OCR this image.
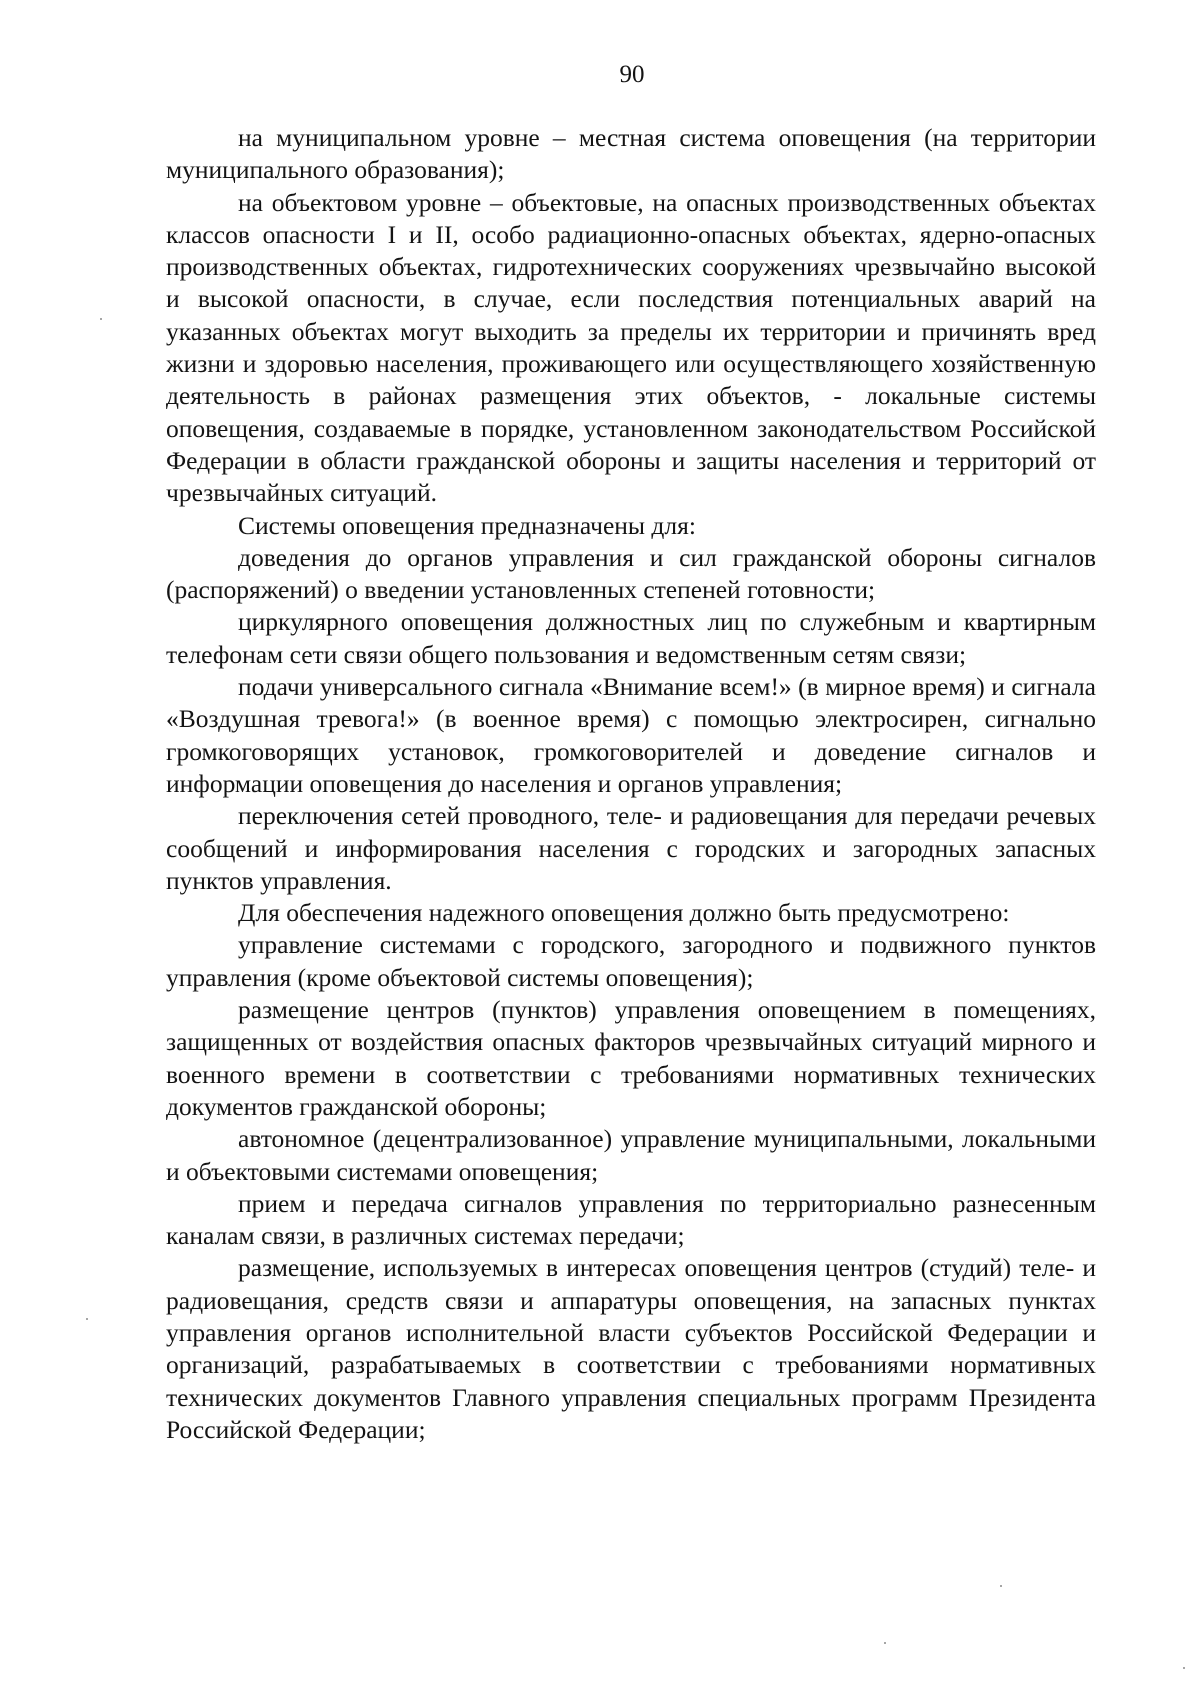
90

на муниципальном уровне – местная система оповещения (на территории муниципального образования);

на объектовом уровне – объектовые, на опасных производственных объектах классов опасности I и II, особо радиационно-опасных объектах, ядерно-опасных производственных объектах, гидротехнических сооружениях чрезвычайно высокой и высокой опасности, в случае, если последствия потенциальных аварий на указанных объектах могут выходить за пределы их территории и причинять вред жизни и здоровью населения, проживающего или осуществляющего хозяйственную деятельность в районах размещения этих объектов, - локальные системы оповещения, создаваемые в порядке, установленном законодательством Российской Федерации в области гражданской обороны и защиты населения и территорий от чрезвычайных ситуаций.

Системы оповещения предназначены для:

доведения до органов управления и сил гражданской обороны сигналов (распоряжений) о введении установленных степеней готовности;

циркулярного оповещения должностных лиц по служебным и квартирным телефонам сети связи общего пользования и ведомственным сетям связи;

подачи универсального сигнала «Внимание всем!» (в мирное время) и сигнала «Воздушная тревога!» (в военное время) с помощью электросирен, сигнально громкоговорящих установок, громкоговорителей и доведение сигналов и информации оповещения до населения и органов управления;

переключения сетей проводного, теле- и радиовещания для передачи речевых сообщений и информирования населения с городских и загородных запасных пунктов управления.

Для обеспечения надежного оповещения должно быть предусмотрено:

управление системами с городского, загородного и подвижного пунктов управления (кроме объектовой системы оповещения);

размещение центров (пунктов) управления оповещением в помещениях, защищенных от воздействия опасных факторов чрезвычайных ситуаций мирного и военного времени в соответствии с требованиями нормативных технических документов гражданской обороны;

автономное (децентрализованное) управление муниципальными, локальными и объектовыми системами оповещения;

прием и передача сигналов управления по территориально разнесенным каналам связи, в различных системах передачи;

размещение, используемых в интересах оповещения центров (студий) теле- и радиовещания, средств связи и аппаратуры оповещения, на запасных пунктах управления органов исполнительной власти субъектов Российской Федерации и организаций, разрабатываемых в соответствии с требованиями нормативных технических документов Главного управления специальных программ Президента Российской Федерации;
